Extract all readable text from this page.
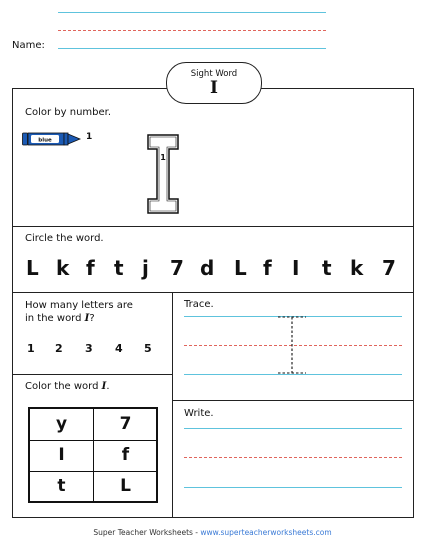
Name:
Sight Word
I
Color by number.
blue	1
1
Circle the word.
L k f t j 7 d L f I t k 7
How many letters are
in the word I?
1 2 3 4 5
Color the word I.
y	7
I	f
t	L
Trace.
Write.
Super Teacher Worksheets - www.superteacherworksheets.com
